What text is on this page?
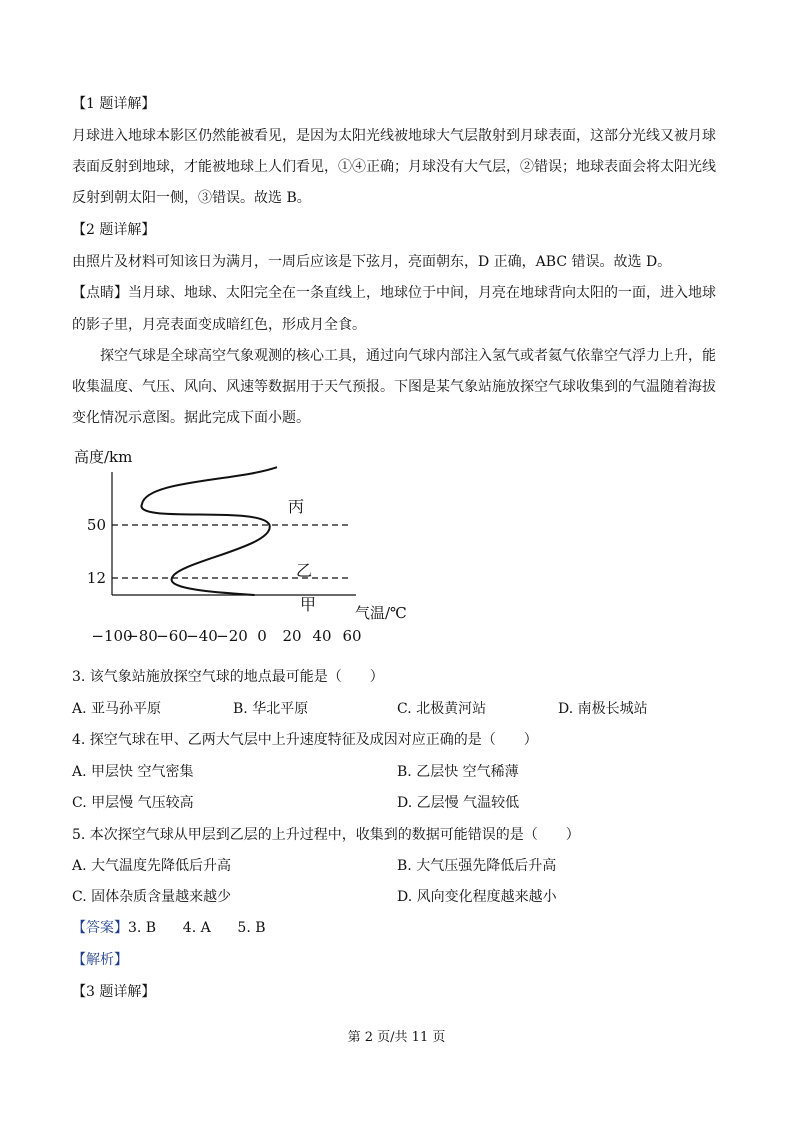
【1 题详解】
月球进入地球本影区仍然能被看见，是因为太阳光线被地球大气层散射到月球表面，这部分光线又被月球
表面反射到地球，才能被地球上人们看见，①④正确；月球没有大气层，②错误；地球表面会将太阳光线
反射到朝太阳一侧，③错误。故选 B。
【2 题详解】
由照片及材料可知该日为满月，一周后应该是下弦月，亮面朝东，D 正确，ABC 错误。故选 D。
【点睛】当月球、地球、太阳完全在一条直线上，地球位于中间，月亮在地球背向太阳的一面，进入地球
的影子里，月亮表面变成暗红色，形成月全食。
探空气球是全球高空气象观测的核心工具，通过向气球内部注入氢气或者氦气依靠空气浮力上升，能
收集温度、气压、风向、风速等数据用于天气预报。下图是某气象站施放探空气球收集到的气温随着海拔
变化情况示意图。据此完成下面小题。
高度/km
12
50
−100
−80
−60
−40
−20 0 20 40 60
丙
乙
甲	气温/℃
3. 该气象站施放探空气球的地点最可能是（　　）
A. 亚马孙平原	B. 华北平原	C. 北极黄河站	D. 南极长城站
4. 探空气球在甲、乙两大气层中上升速度特征及成因对应正确的是（　　）
A. 甲层快 空气密集	B. 乙层快 空气稀薄
C. 甲层慢 气压较高	D. 乙层慢 气温较低
5. 本次探空气球从甲层到乙层的上升过程中，收集到的数据可能错误的是（　　）
A. 大气温度先降低后升高	B. 大气压强先降低后升高
C. 固体杂质含量越来越少	D. 风向变化程度越来越小
【答案】3. B      4. A      5. B
【解析】
【3 题详解】
第 2 页/共 11 页
